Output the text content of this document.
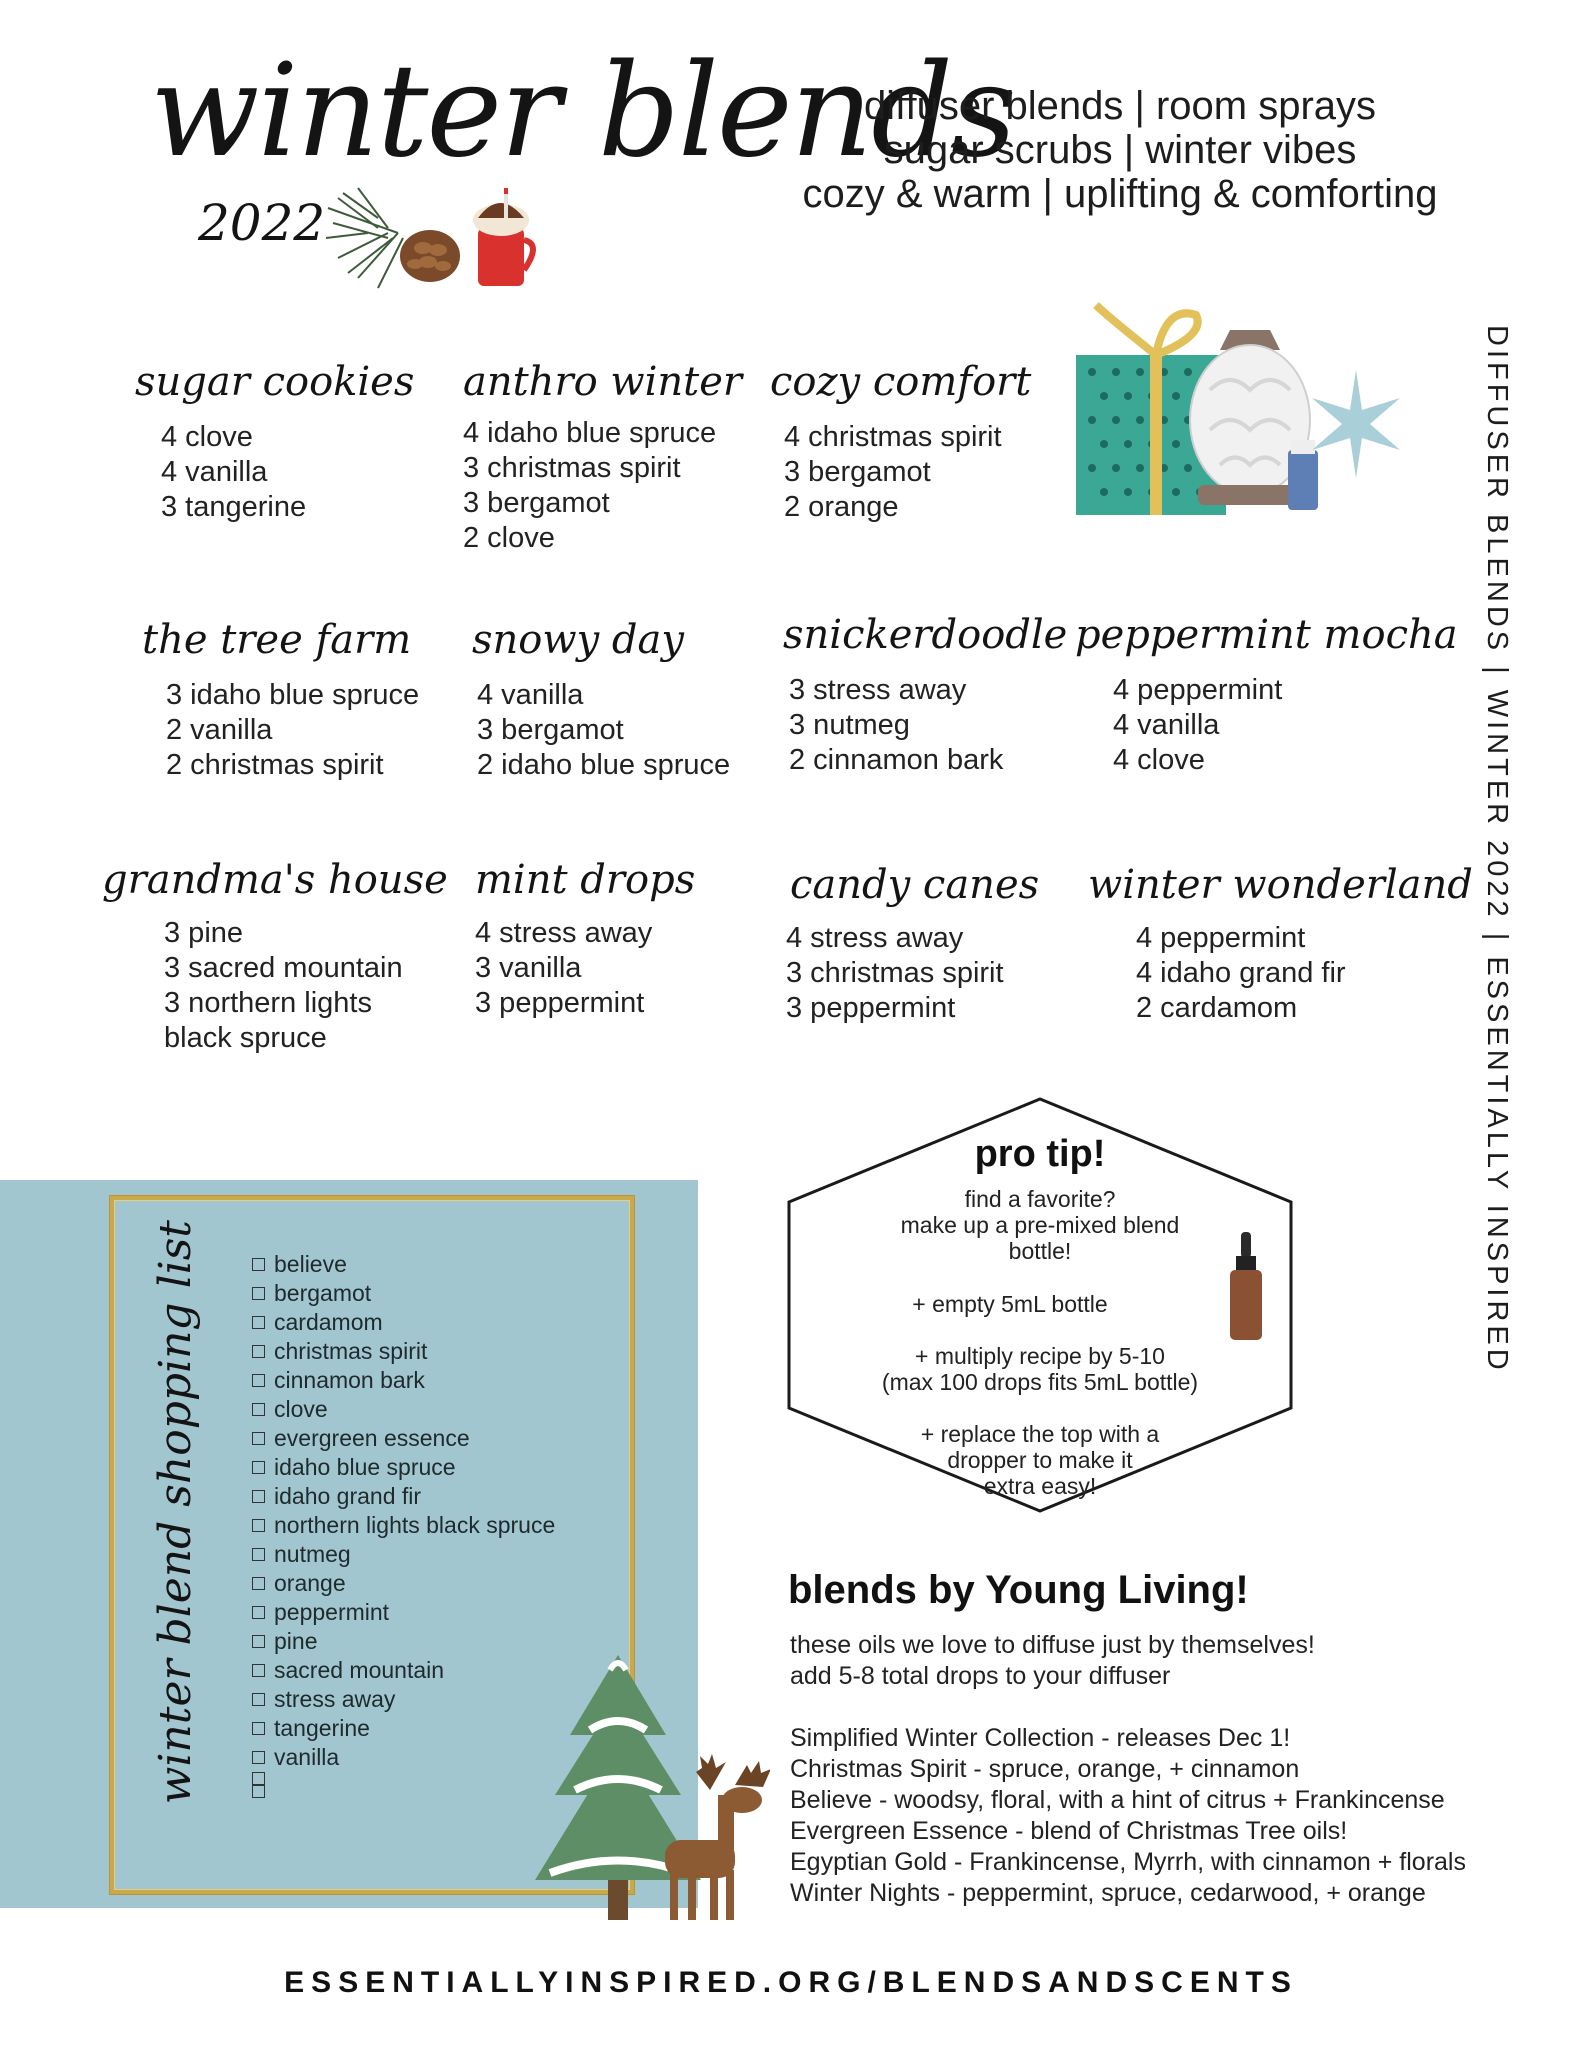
winter blends
2022
diffuser blends | room sprays
sugar scrubs | winter vibes
cozy & warm | uplifting & comforting
sugar cookies
4 clove
4 vanilla
3 tangerine
anthro winter
4 idaho blue spruce
3 christmas spirit
3 bergamot
2 clove
cozy comfort
4 christmas spirit
3 bergamot
2 orange
the tree farm
3 idaho blue spruce
2 vanilla
2 christmas spirit
snowy day
4 vanilla
3 bergamot
2 idaho blue spruce
snickerdoodle
3 stress away
3 nutmeg
2 cinnamon bark
peppermint mocha
4 peppermint
4 vanilla
4 clove
grandma's house
3 pine
3 sacred mountain
3 northern lights
black spruce
mint drops
4 stress away
3 vanilla
3 peppermint
candy canes
4 stress away
3 christmas spirit
3 peppermint
winter wonderland
4 peppermint
4 idaho grand fir
2 cardamom	DIFFUSER BLENDS | WINTER 2022 | ESSENTIALLY INSPIRED
winter blend shopping list	believe
bergamot
cardamom
christmas spirit
cinnamon bark
clove
evergreen essence
idaho blue spruce
idaho grand fir
northern lights black spruce
nutmeg
orange
peppermint
pine
sacred mountain
stress away
tangerine
vanilla
pro tip!
find a favorite?
make up a pre-mixed blend
bottle!
+ empty 5mL bottle
+ multiply recipe by 5-10
(max 100 drops fits 5mL bottle)
+ replace the top with a
dropper to make it
extra easy!
blends by Young Living!
these oils we love to diffuse just by themselves!
add 5-8 total drops to your diffuser
Simplified Winter Collection - releases Dec 1!
Christmas Spirit - spruce, orange, + cinnamon
Believe - woodsy, floral, with a hint of citrus + Frankincense
Evergreen Essence - blend of Christmas Tree oils!
Egyptian Gold - Frankincense, Myrrh, with cinnamon + florals
Winter Nights - peppermint, spruce, cedarwood, + orange
ESSENTIALLYINSPIRED.ORG/BLENDSANDSCENTS
